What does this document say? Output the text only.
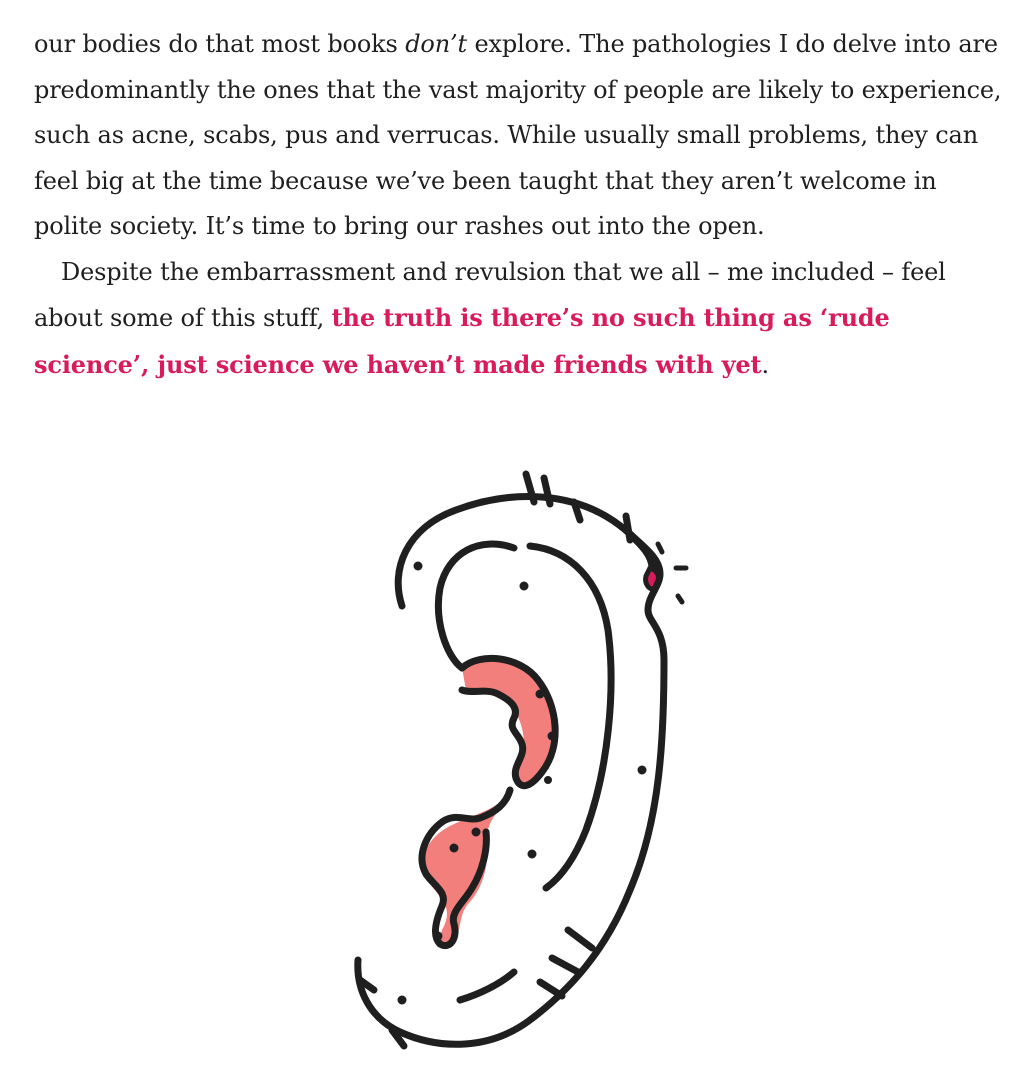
our bodies do that most books don’t explore. The pathologies I do delve into are predominantly the ones that the vast majority of people are likely to experience, such as acne, scabs, pus and verrucas. While usually small problems, they can feel big at the time because we’ve been taught that they aren’t welcome in polite society. It’s time to bring our rashes out into the open.

Despite the embarrassment and revulsion that we all – me included – feel about some of this stuff, the truth is there’s no such thing as ‘rude science’, just science we haven’t made friends with yet.
